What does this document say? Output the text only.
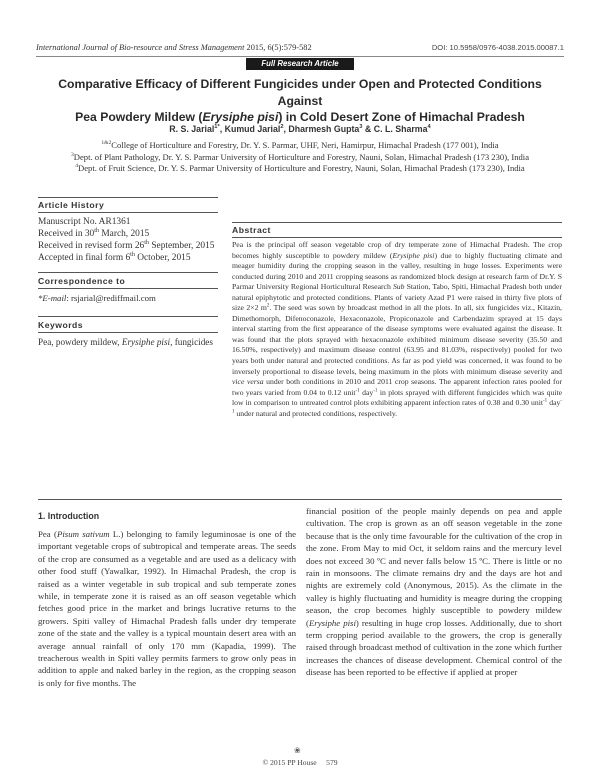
International Journal of Bio-resource and Stress Management 2015, 6(5):579-582	DOI: 10.5958/0976-4038.2015.00087.1
Full Research Article
Comparative Efficacy of Different Fungicides under Open and Protected Conditions Against
Pea Powdery Mildew (Erysiphe pisi) in Cold Desert Zone of Himachal Pradesh
R. S. Jarial$^{1*}$, Kumud Jarial$^2$, Dharmesh Gupta$^3$ & C. L. Sharma$^4$
$^{1\&2}$College of Horticulture and Forestry, Dr. Y. S. Parmar, UHF, Neri, Hamirpur, Himachal Pradesh (177 001), India
$^3$Dept. of Plant Pathology, Dr. Y. S. Parmar University of Horticulture and Forestry, Nauni, Solan, Himachal Pradesh (173 230), India
$^4$Dept. of Fruit Science, Dr. Y. S. Parmar University of Horticulture and Forestry, Nauni, Solan, Himachal Pradesh (173 230), India
Article History
Manuscript No. AR1361
Received in 30th March, 2015
Received in revised form 26th September, 2015
Accepted in final form 6th October, 2015
Correspondence to
*E-mail: rsjarial@rediffmail.com
Keywords
Pea, powdery mildew, Erysiphe pisi, fungicides
Abstract
Pea is the principal off season vegetable crop of dry temperate zone of Himachal Pradesh. The crop becomes highly susceptible to powdery mildew (Erysiphe pisi) due to highly fluctuating climate and meager humidity during the cropping season in the valley, resulting in huge losses. Experiments were conducted during 2010 and 2011 cropping seasons as randomized block design at research farm of Dr.Y. S Parmar University Regional Horticultural Research Sub Station, Tabo, Spiti, Himachal Pradesh both under natural epiphytotic and protected conditions. Plants of variety Azad P1 were raised in thirty five plots of size 2×2 $m^2$. The seed was sown by broadcast method in all the plots. In all, six fungicides viz., Kitazin, Dimethomorph, Difenoconazole, Hexaconazole, Propiconazole and Carbendazim sprayed at 15 days interval starting from the first appearance of the disease symptoms were evaluated against the disease. It was found that the plots sprayed with hexaconazole exhibited minimum disease severity (35.50 and 16.50%, respectively) and maximum disease control (63.95 and 81.03%, respectively) pooled for two years both under natural and protected conditions. As far as pod yield was concerned, it was found to be inversely proportional to disease levels, being maximum in the plots with minimum disease severity and vice versa under both conditions in 2010 and 2011 crop seasons. The apparent infection rates pooled for two years varied from 0.04 to 0.12 unit$^{-1}$ day$^{-1}$ in plots sprayed with different fungicides which was quite low in comparison to untreated control plots exhibiting apparent infection rates of 0.38 and 0.30 unit$^{-1}$ day$^{-1}$ under natural and protected conditions, respectively.
1. Introduction
Pea (Pisum sativum L.) belonging to family leguminosae is one of the important vegetable crops of subtropical and temperate areas. The seeds of the crop are consumed as a vegetable and are used as a delicacy with other food stuff (Yawalkar, 1992). In Himachal Pradesh, the crop is raised as a winter vegetable in sub tropical and sub temperate zones while, in temperate zone it is raised as an off season vegetable which fetches good price in the market and brings lucrative returns to the growers. Spiti valley of Himachal Pradesh falls under dry temperate zone of the state and the valley is a typical mountain desert area with an average annual rainfall of only 170 mm (Kapadia, 1999). The treacherous wealth in Spiti valley permits farmers to grow only peas in addition to apple and naked barley in the region, as the cropping season is only for five months. The
financial position of the people mainly depends on pea and apple cultivation. The crop is grown as an off season vegetable in the zone because that is the only time favourable for the cultivation of the crop in the zone. From May to mid Oct, it seldom rains and the mercury level does not exceed 30 ºC and never falls below 15 ºC. There is little or no rain in monsoons. The climate remains dry and the days are hot and nights are extremely cold (Anonymous, 2015). As the climate in the valley is highly fluctuating and humidity is meagre during the cropping season, the crop becomes highly susceptible to powdery mildew (Erysiphe pisi) resulting in huge crop losses. Additionally, due to short term cropping period available to the growers, the crop is generally raised through broadcast method of cultivation in the zone which further increases the chances of disease development. Chemical control of the disease has been reported to be effective if applied at proper
❀
© 2015 PP House 579
